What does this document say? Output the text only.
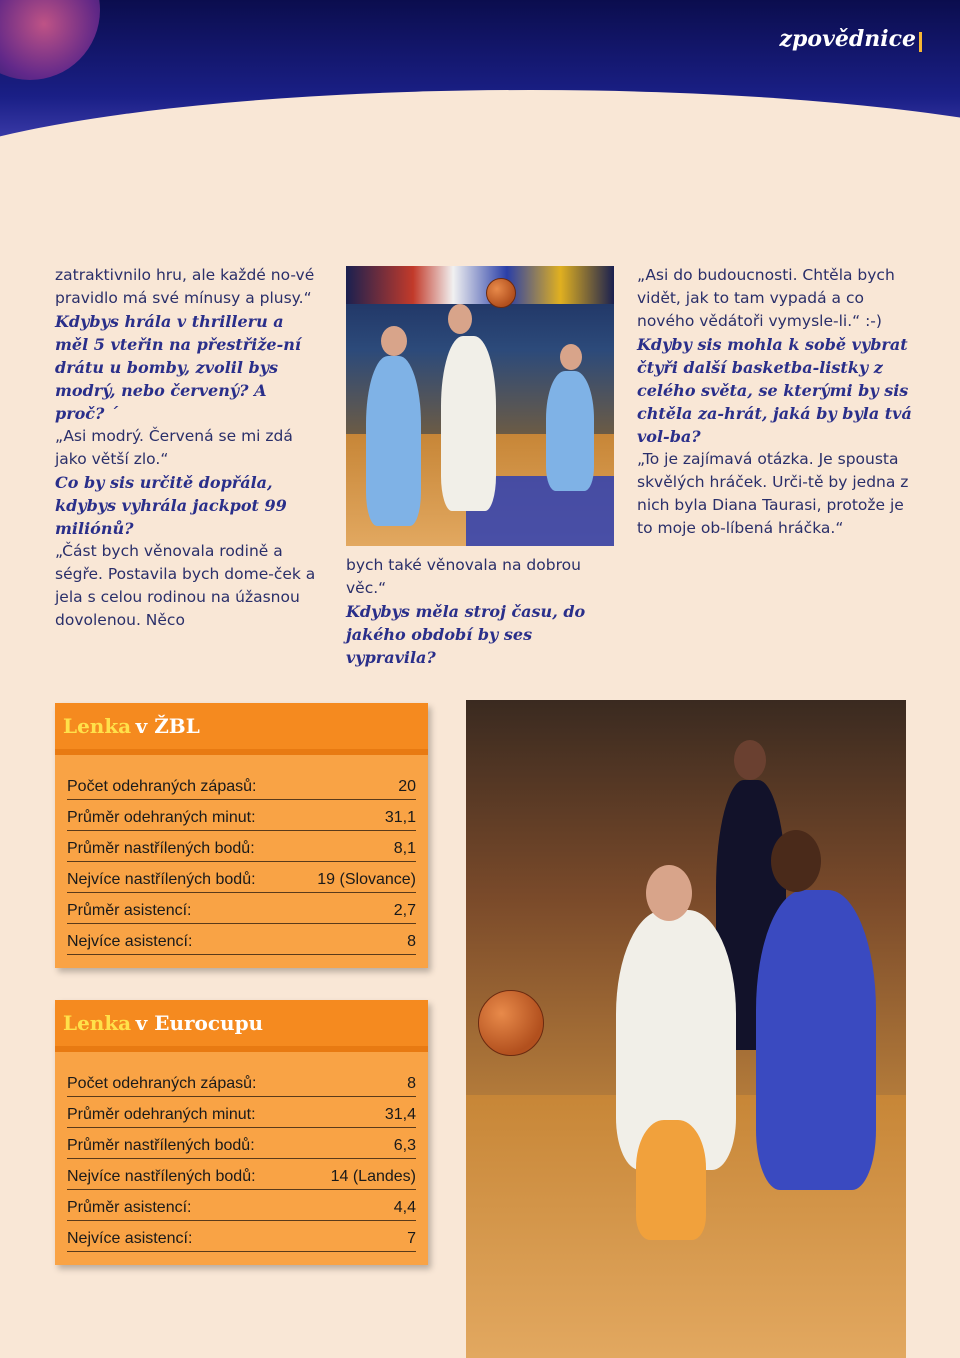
zpovědnice

zatraktivnilo hru, ale každé no-vé pravidlo má své mínusy a plusy.“

Kdybys hrála v thrilleru a měl 5 vteřin na přestřiže-ní drátu u bomby, zvolil bys modrý, nebo červený? A proč? ´

„Asi modrý. Červená se mi zdá jako větší zlo.“

Co by sis určitě dopřála, kdybys vyhrála jackpot 99 miliónů?

„Část bych věnovala rodině a ségře. Postavila bych dome-ček a jela s celou rodinou na úžasnou dovolenou. Něco

bych také věnovala na dobrou věc.“

Kdybys měla stroj času, do jakého období by ses vypravila?

„Asi do budoucnosti. Chtěla bych vidět, jak to tam vypadá a co nového vědátoři vymysle-li.“ :-)

Kdyby sis mohla k sobě vybrat čtyři další basketba-listky z celého světa, se kterými by sis chtěla za-hrát, jaká by byla tvá vol-ba?

„To je zajímavá otázka. Je spousta skvělých hráček. Urči-tě by jedna z nich byla Diana Taurasi, protože je to moje ob-líbená hráčka.“

Lenka
v ŽBL
Počet odehraných zápasů:	20
Průměr odehraných minut:	31,1
Průměr nastřílených bodů:	8,1
Nejvíce nastřílených bodů:	19 (Slovance)
Průměr asistencí:	2,7
Nejvíce asistencí:	8
Lenka
v Eurocupu
Počet odehraných zápasů:	8
Průměr odehraných minut:	31,4
Průměr nastřílených bodů:	6,3
Nejvíce nastřílených bodů:	14 (Landes)
Průměr asistencí:	4,4
Nejvíce asistencí:	7
